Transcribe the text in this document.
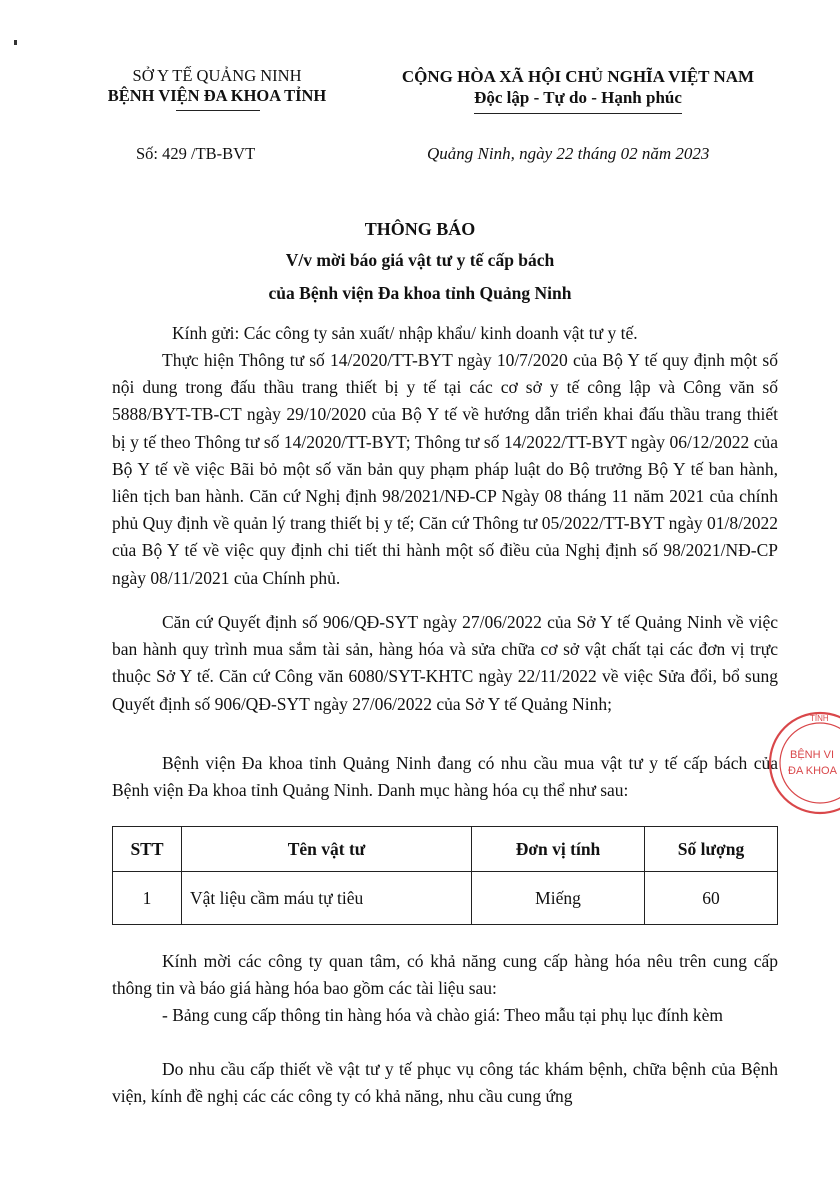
SỞ Y TẾ QUẢNG NINH
BỆNH VIỆN ĐA KHOA TỈNH
CỘNG HÒA XÃ HỘI CHỦ NGHĨA VIỆT NAM
Độc lập - Tự do - Hạnh phúc
Số: 429 /TB-BVT	Quảng Ninh, ngày 22 tháng 02 năm 2023
THÔNG BÁO
V/v mời báo giá vật tư y tế cấp bách
của Bệnh viện Đa khoa tỉnh Quảng Ninh

Kính gửi: Các công ty sản xuất/ nhập khẩu/ kinh doanh vật tư y tế.

Thực hiện Thông tư số 14/2020/TT-BYT ngày 10/7/2020 của Bộ Y tế quy định một số nội dung trong đấu thầu trang thiết bị y tế tại các cơ sở y tế công lập và Công văn số 5888/BYT-TB-CT ngày 29/10/2020 của Bộ Y tế về hướng dẫn triển khai đấu thầu trang thiết bị y tế theo Thông tư số 14/2020/TT-BYT; Thông tư số 14/2022/TT-BYT ngày 06/12/2022 của Bộ Y tế về việc Bãi bỏ một số văn bản quy phạm pháp luật do Bộ trưởng Bộ Y tế ban hành, liên tịch ban hành. Căn cứ Nghị định 98/2021/NĐ-CP Ngày 08 tháng 11 năm 2021 của chính phủ Quy định về quản lý trang thiết bị y tế; Căn cứ Thông tư 05/2022/TT-BYT ngày 01/8/2022 của Bộ Y tế về việc quy định chi tiết thi hành một số điều của Nghị định số 98/2021/NĐ-CP ngày 08/11/2021 của Chính phủ.

Căn cứ Quyết định số 906/QĐ-SYT ngày 27/06/2022 của Sở Y tế Quảng Ninh về việc ban hành quy trình mua sắm tài sản, hàng hóa và sửa chữa cơ sở vật chất tại các đơn vị trực thuộc Sở Y tế. Căn cứ Công văn 6080/SYT-KHTC ngày 22/11/2022 về việc Sửa đổi, bổ sung Quyết định số 906/QĐ-SYT ngày 27/06/2022 của Sở Y tế Quảng Ninh;

Bệnh viện Đa khoa tỉnh Quảng Ninh đang có nhu cầu mua vật tư y tế cấp bách của Bệnh viện Đa khoa tỉnh Quảng Ninh. Danh mục hàng hóa cụ thể như sau:

STT	Tên vật tư	Đơn vị tính	Số lượng
1	Vật liệu cầm máu tự tiêu	Miếng	60

Kính mời các công ty quan tâm, có khả năng cung cấp hàng hóa nêu trên cung cấp thông tin và báo giá hàng hóa bao gồm các tài liệu sau:

- Bảng cung cấp thông tin hàng hóa và chào giá: Theo mẫu tại phụ lục đính kèm

Do nhu cầu cấp thiết về vật tư y tế phục vụ công tác khám bệnh, chữa bệnh của Bệnh viện, kính đề nghị các các công ty có khả năng, nhu cầu cung ứng

TỈNH
BỆNH VI
ĐA KHOA
